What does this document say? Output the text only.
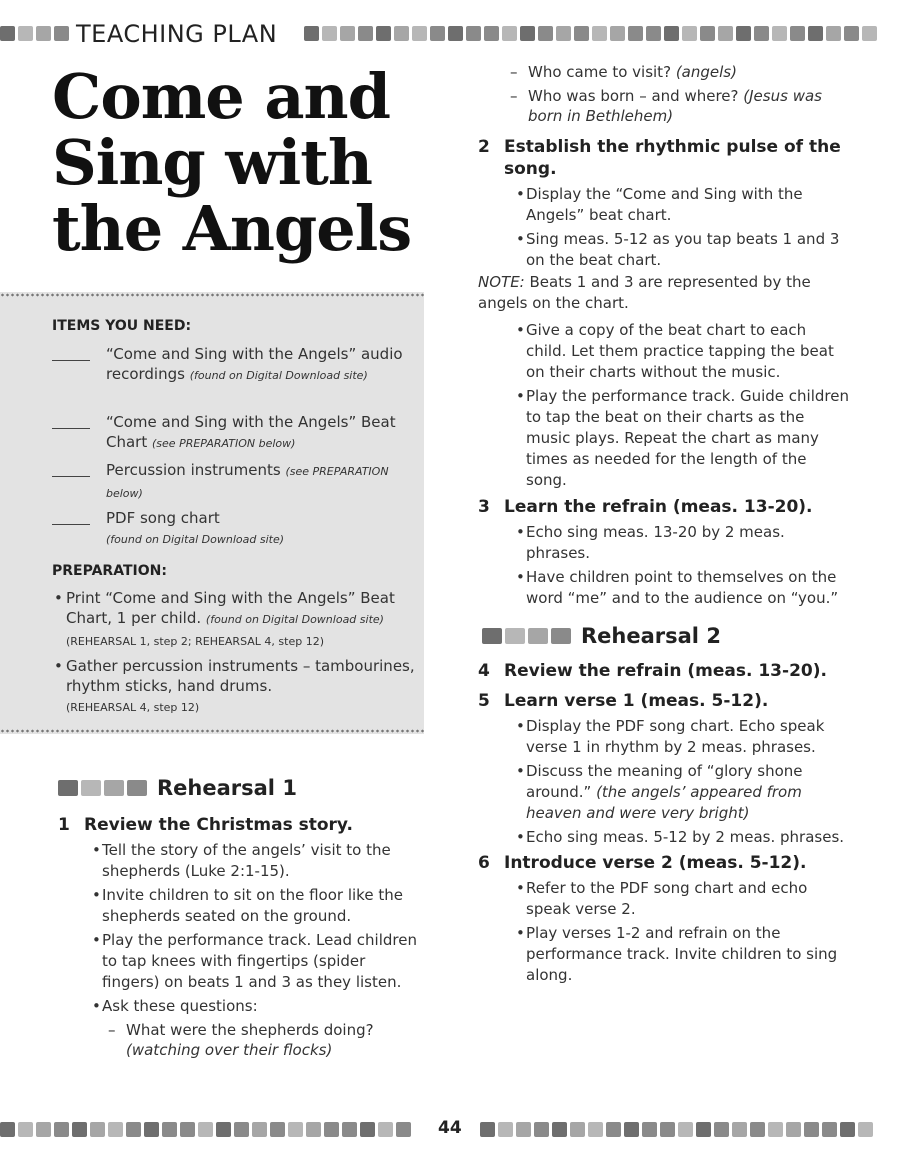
TEACHING PLAN
Come and Sing with the Angels
ITEMS YOU NEED:
“Come and Sing with the Angels” audio recordings (found on Digital Download site)
“Come and Sing with the Angels” Beat Chart (see PREPARATION below)
Percussion instruments (see PREPARATION below)
PDF song chart
(found on Digital Download site)
PREPARATION:
• Print “Come and Sing with the Angels” Beat Chart, 1 per child. (found on Digital Download site)
(REHEARSAL 1, step 2; REHEARSAL 4, step 12)
• Gather percussion instruments – tambourines, rhythm sticks, hand drums.
(REHEARSAL 4, step 12)
Rehearsal 1
1 Review the Christmas story.
• Tell the story of the angels’ visit to the shepherds (Luke 2:1-15).
• Invite children to sit on the floor like the shepherds seated on the ground.
• Play the performance track. Lead children to tap knees with fingertips (spider fingers) on beats 1 and 3 as they listen.
• Ask these questions:
– What were the shepherds doing? (watching over their flocks)
– Who came to visit? (angels)
– Who was born – and where? (Jesus was born in Bethlehem)
2 Establish the rhythmic pulse of the song.
• Display the “Come and Sing with the Angels” beat chart.
• Sing meas. 5-12 as you tap beats 1 and 3 on the beat chart.
NOTE: Beats 1 and 3 are represented by the angels on the chart.
• Give a copy of the beat chart to each child. Let them practice tapping the beat on their charts without the music.
• Play the performance track. Guide children to tap the beat on their charts as the music plays. Repeat the chart as many times as needed for the length of the song.
3 Learn the refrain (meas. 13-20).
• Echo sing meas. 13-20 by 2 meas. phrases.
• Have children point to themselves on the word “me” and to the audience on “you.”
Rehearsal 2
4 Review the refrain (meas. 13-20).
5 Learn verse 1 (meas. 5-12).
• Display the PDF song chart. Echo speak verse 1 in rhythm by 2 meas. phrases.
• Discuss the meaning of “glory shone around.” (the angels’ appeared from heaven and were very bright)
• Echo sing meas. 5-12 by 2 meas. phrases.
6 Introduce verse 2 (meas. 5-12).
• Refer to the PDF song chart and echo speak verse 2.
• Play verses 1-2 and refrain on the performance track. Invite children to sing along.
44
